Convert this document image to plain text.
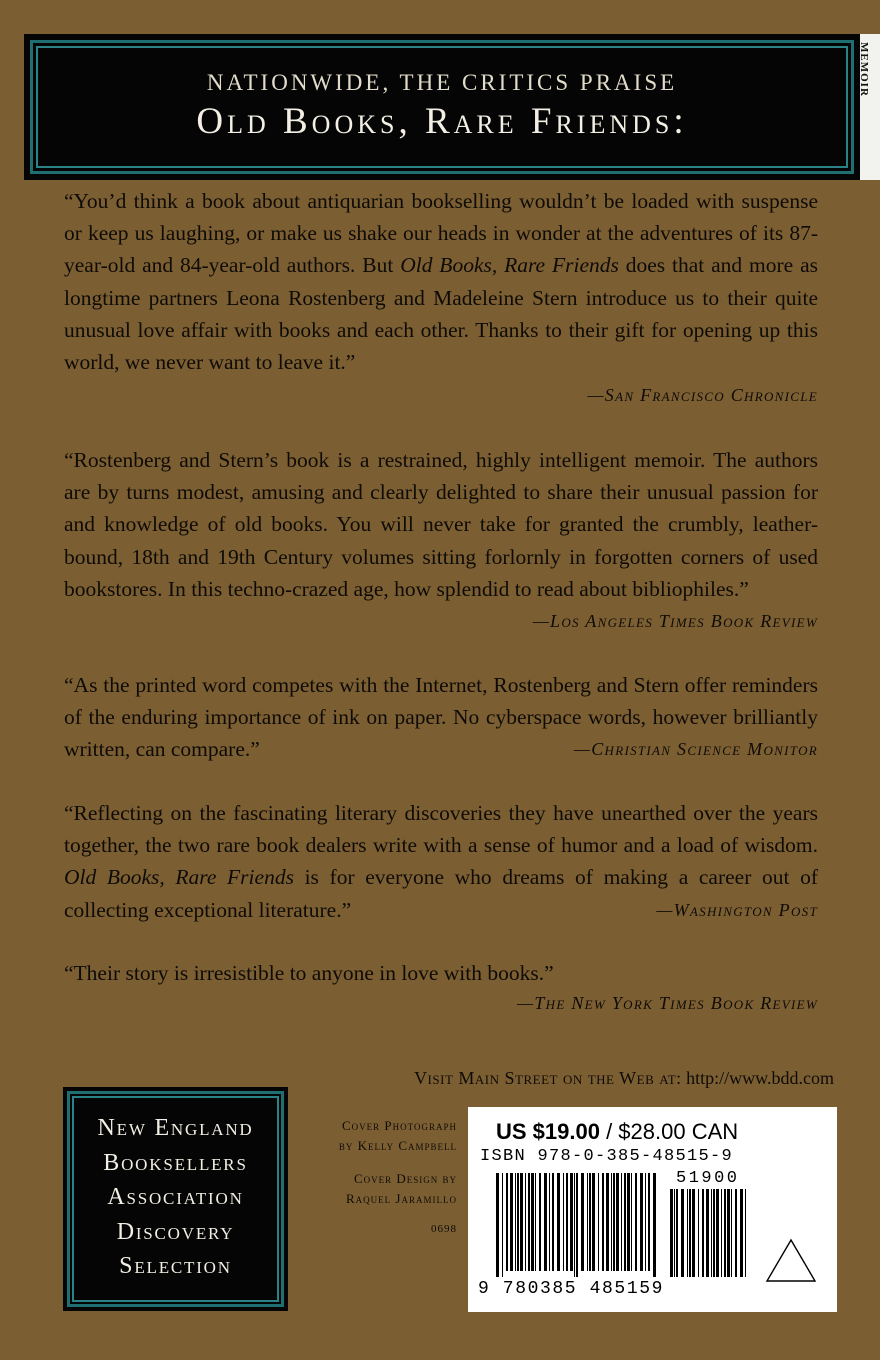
NATIONWIDE, THE CRITICS PRAISE
Old Books, Rare Friends:
MEMOIR
“You’d think a book about antiquarian bookselling wouldn’t be loaded with suspense or keep us laughing, or make us shake our heads in wonder at the adventures of its 87-year-old and 84-year-old authors. But Old Books, Rare Friends does that and more as longtime partners Leona Rostenberg and Madeleine Stern introduce us to their quite unusual love affair with books and each other. Thanks to their gift for opening up this world, we never want to leave it.”
—San Francisco Chronicle
“Rostenberg and Stern’s book is a restrained, highly intelligent memoir. The authors are by turns modest, amusing and clearly delighted to share their unusual passion for and knowledge of old books. You will never take for granted the crumbly, leather-bound, 18th and 19th Century volumes sitting forlornly in forgotten corners of used bookstores. In this techno-crazed age, how splendid to read about bibliophiles.”
—Los Angeles Times Book Review
“As the printed word competes with the Internet, Rostenberg and Stern offer reminders of the enduring importance of ink on paper. No cyberspace words, however brilliantly written, can compare.”	—Christian Science Monitor
“Reflecting on the fascinating literary discoveries they have unearthed over the years together, the two rare book dealers write with a sense of humor and a load of wisdom. Old Books, Rare Friends is for everyone who dreams of making a career out of collecting exceptional literature.”	—Washington Post
“Their story is irresistible to anyone in love with books.”
—The New York Times Book Review
Visit Main Street on the Web at: http://www.bdd.com
New England
Booksellers
Association
Discovery
Selection
Cover Photograph
by Kelly Campbell
Cover Design by
Raquel Jaramillo
0698
US $19.00 / $28.00 CAN
ISBN 978-0-385-48515-9
51900
9 780385 485159
